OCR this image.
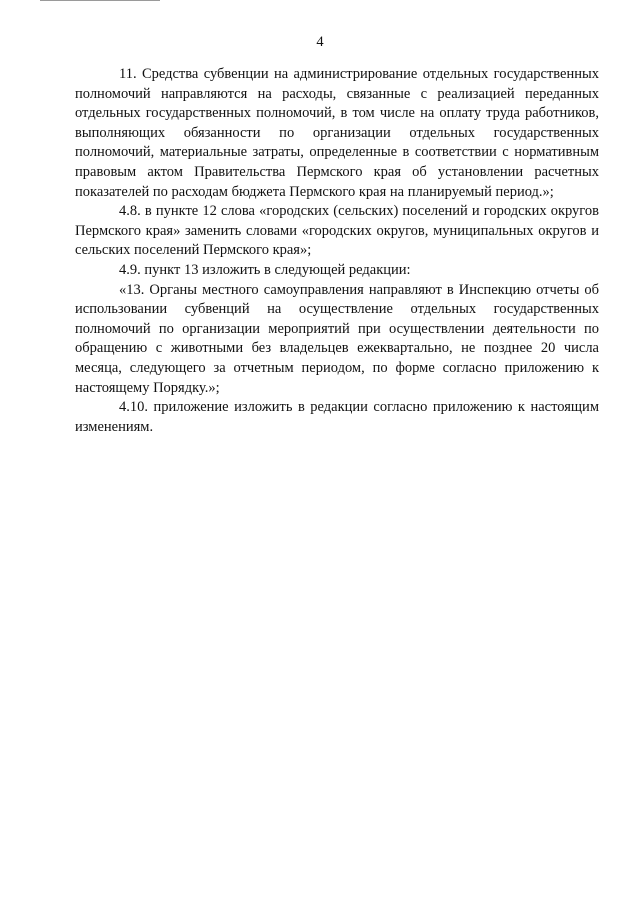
4

11. Средства субвенции на администрирование отдельных государственных полномочий направляются на расходы, связанные с реализацией переданных отдельных государственных полномочий, в том числе на оплату труда работников, выполняющих обязанности по организации отдельных государственных полномочий, материальные затраты, определенные в соответствии с нормативным правовым актом Правительства Пермского края об установлении расчетных показателей по расходам бюджета Пермского края на планируемый период.»;

4.8. в пункте 12 слова «городских (сельских) поселений и городских округов Пермского края» заменить словами «городских округов, муниципальных округов и сельских поселений Пермского края»;

4.9. пункт 13 изложить в следующей редакции:

«13. Органы местного самоуправления направляют в Инспекцию отчеты об использовании субвенций на осуществление отдельных государственных полномочий по организации мероприятий при осуществлении деятельности по обращению с животными без владельцев ежеквартально, не позднее 20 числа месяца, следующего за отчетным периодом, по форме согласно приложению к настоящему Порядку.»;

4.10. приложение изложить в редакции согласно приложению к настоящим изменениям.
